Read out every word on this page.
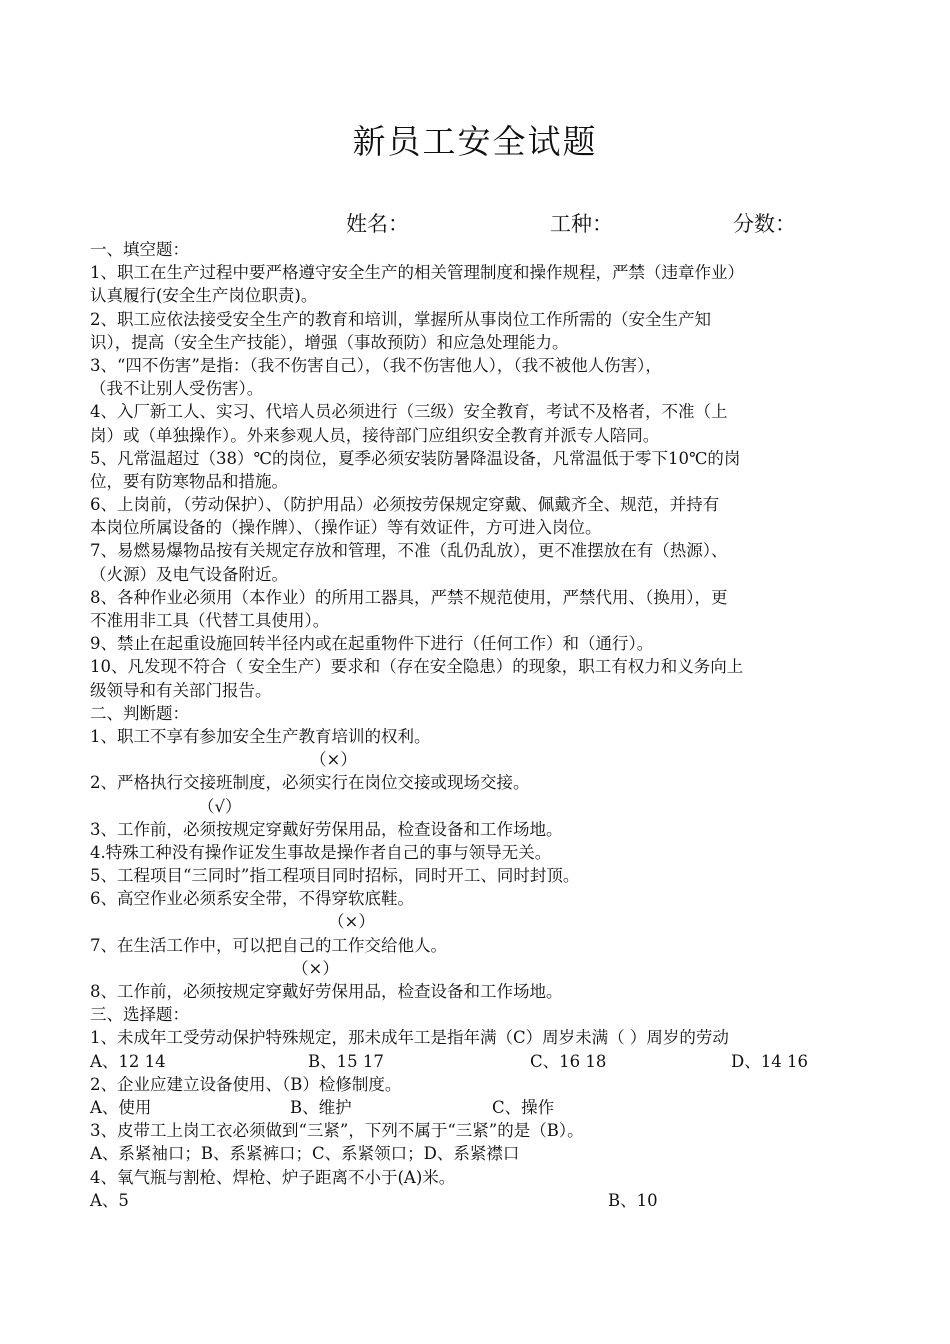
新员工安全试题
姓名：	工种：	分数：
一、填空题：
1、职工在生产过程中要严格遵守安全生产的相关管理制度和操作规程，严禁（违章作业）
认真履行(安全生产岗位职责)。
2、职工应依法接受安全生产的教育和培训，掌握所从事岗位工作所需的（安全生产知
识），提高（安全生产技能），增强（事故预防）和应急处理能力。
3、“四不伤害”是指：（我不伤害自己），（我不伤害他人），（我不被他人伤害），
（我不让别人受伤害）。
4、入厂新工人、实习、代培人员必须进行（三级）安全教育，考试不及格者，不准（上
岗）或（单独操作）。外来参观人员，接待部门应组织安全教育并派专人陪同。
5、凡常温超过（38）℃的岗位，夏季必须安装防暑降温设备，凡常温低于零下10℃的岗
位，要有防寒物品和措施。
6、上岗前，（劳动保护）、（防护用品）必须按劳保规定穿戴、佩戴齐全、规范，并持有
本岗位所属设备的（操作牌）、（操作证）等有效证件，方可进入岗位。
7、易燃易爆物品按有关规定存放和管理，不准（乱仍乱放），更不准摆放在有（热源）、
（火源）及电气设备附近。
8、各种作业必须用（本作业）的所用工器具，严禁不规范使用，严禁代用、（换用），更
不准用非工具（代替工具使用）。
9、禁止在起重设施回转半径内或在起重物件下进行（任何工作）和（通行）。
10、凡发现不符合（ 安全生产）要求和（存在安全隐患）的现象，职工有权力和义务向上
级领导和有关部门报告。
二、判断题：
1、职工不享有参加安全生产教育培训的权利。
（×）
2、严格执行交接班制度，必须实行在岗位交接或现场交接。
（√）
3、工作前，必须按规定穿戴好劳保用品，检查设备和工作场地。
4.特殊工种没有操作证发生事故是操作者自己的事与领导无关。
5、工程项目“三同时”指工程项目同时招标，同时开工、同时封顶。
6、高空作业必须系安全带，不得穿软底鞋。
（×）
7、在生活工作中，可以把自己的工作交给他人。
（×）
8、工作前，必须按规定穿戴好劳保用品，检查设备和工作场地。
三、选择题：
1、未成年工受劳动保护特殊规定，那未成年工是指年满（C）周岁未满（ ）周岁的劳动
A、12 14	B、15 17	C、16 18	D、14 16
2、企业应建立设备使用、（B）检修制度。
A、使用	B、维护	C、操作
3、皮带工上岗工衣必须做到“三紧”，下列不属于“三紧”的是（B）。
A、系紧袖口；B、系紧裤口；C、系紧领口；D、系紧襟口
4、氧气瓶与割枪、焊枪、炉子距离不小于(A)米。
A、5	B、10
